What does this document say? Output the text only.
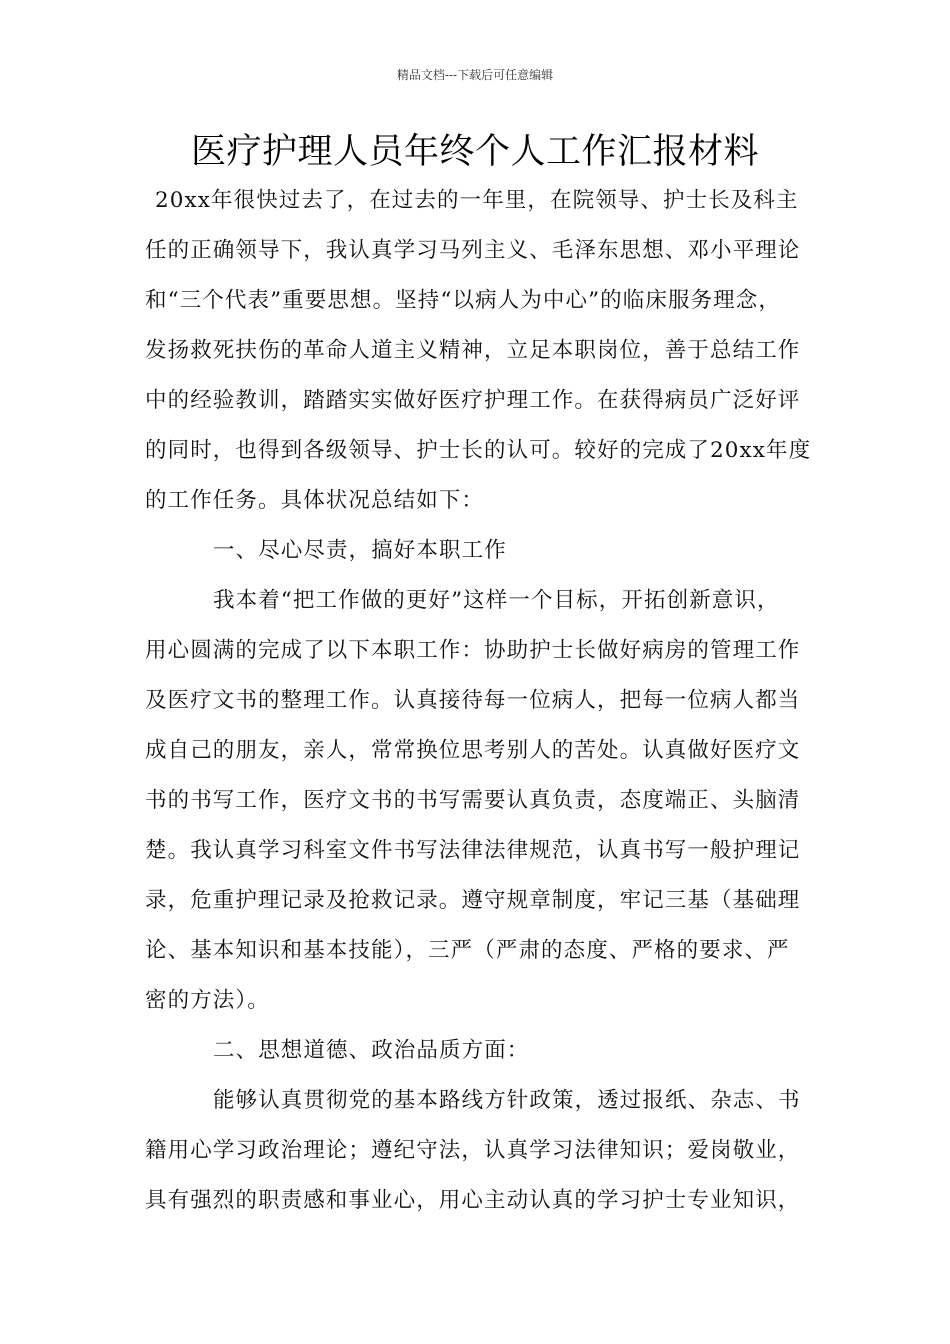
精品文档---下载后可任意编辑
医疗护理人员年终个人工作汇报材料
20xx年很快过去了，在过去的一年里，在院领导、护士长及科主
任的正确领导下，我认真学习马列主义、毛泽东思想、邓小平理论
和“三个代表”重要思想。坚持“以病人为中心”的临床服务理念，
发扬救死扶伤的革命人道主义精神，立足本职岗位，善于总结工作
中的经验教训，踏踏实实做好医疗护理工作。在获得病员广泛好评
的同时，也得到各级领导、护士长的认可。较好的完成了20xx年度
的工作任务。具体状况总结如下：
一、尽心尽责，搞好本职工作
我本着“把工作做的更好”这样一个目标，开拓创新意识，
用心圆满的完成了以下本职工作：协助护士长做好病房的管理工作
及医疗文书的整理工作。认真接待每一位病人，把每一位病人都当
成自己的朋友，亲人，常常换位思考别人的苦处。认真做好医疗文
书的书写工作，医疗文书的书写需要认真负责，态度端正、头脑清
楚。我认真学习科室文件书写法律法律规范，认真书写一般护理记
录，危重护理记录及抢救记录。遵守规章制度，牢记三基（基础理
论、基本知识和基本技能），三严（严肃的态度、严格的要求、严
密的方法）。
二、思想道德、政治品质方面：
能够认真贯彻党的基本路线方针政策，透过报纸、杂志、书
籍用心学习政治理论；遵纪守法，认真学习法律知识；爱岗敬业，
具有强烈的职责感和事业心，用心主动认真的学习护士专业知识，
